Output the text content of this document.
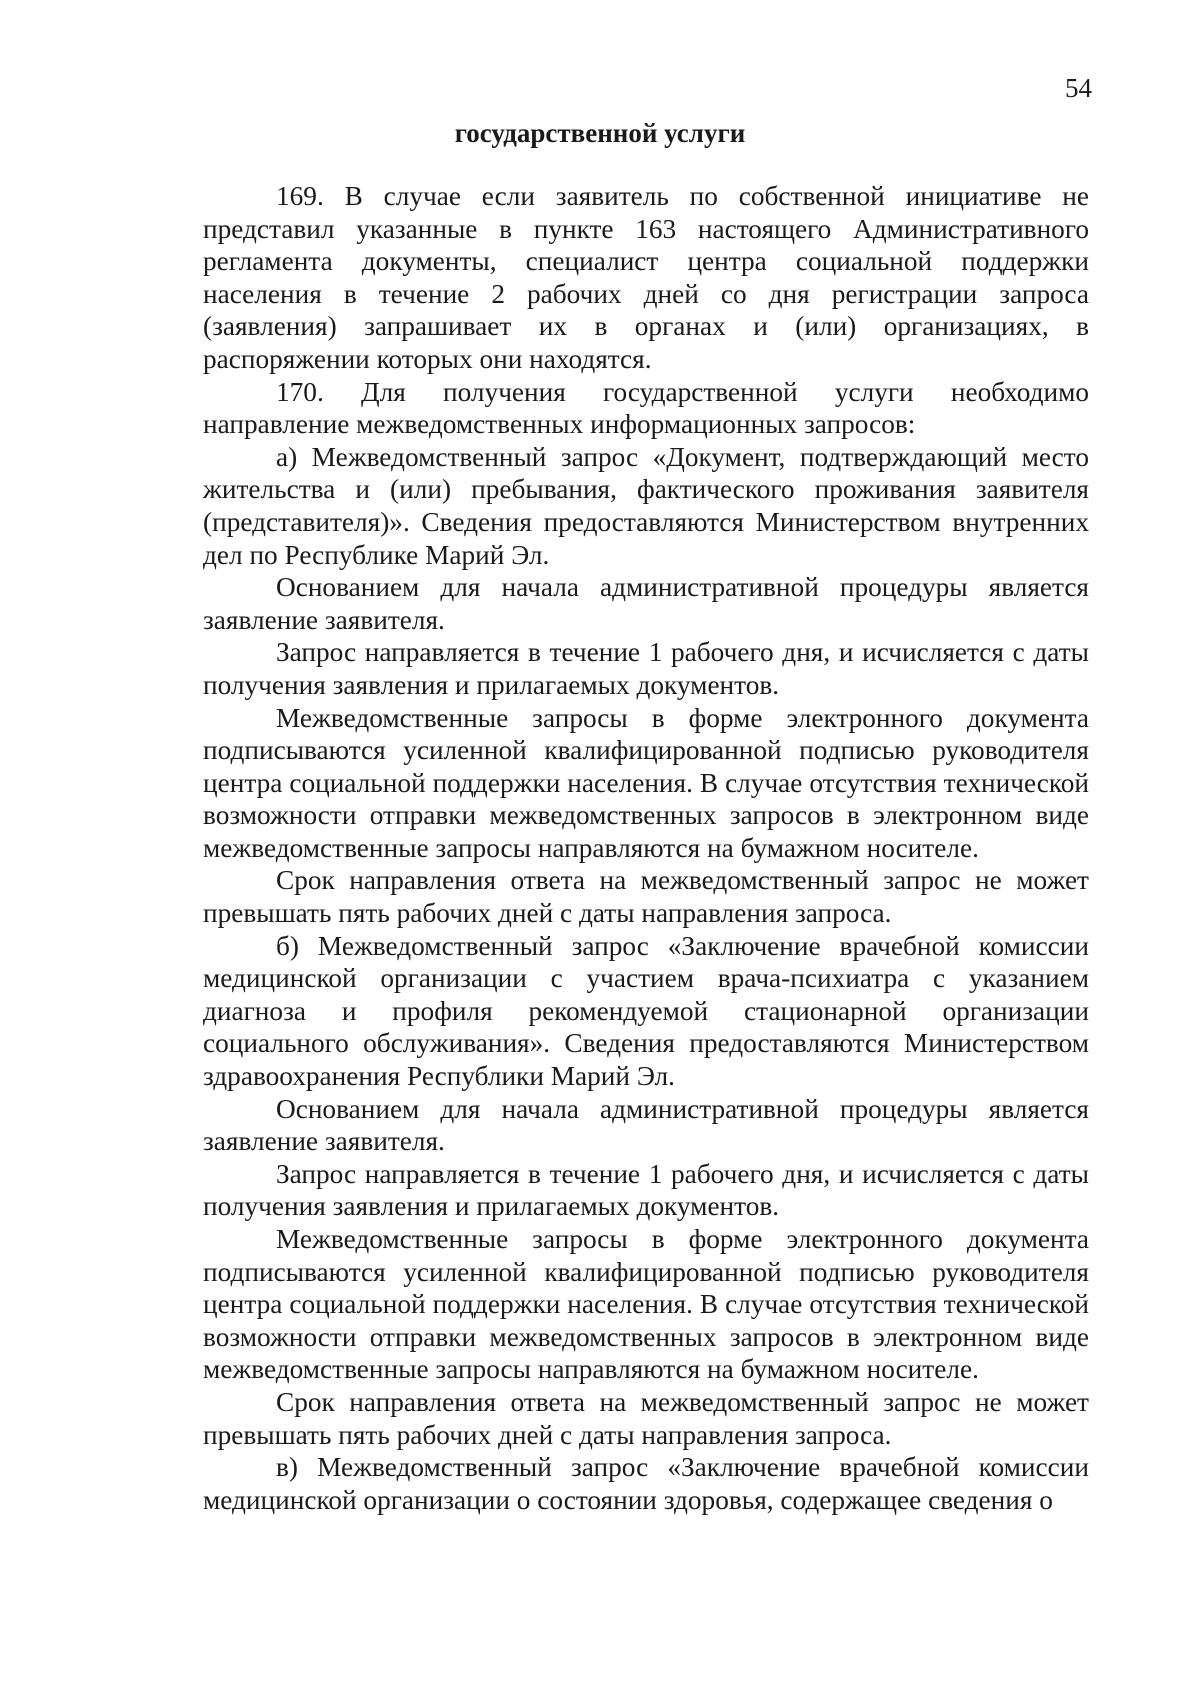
54
государственной услуги

169. В случае если заявитель по собственной инициативе не представил указанные в пункте 163 настоящего Административного регламента документы, специалист центра социальной поддержки населения в течение 2 рабочих дней со дня регистрации запроса (заявления) запрашивает их в органах и (или) организациях, в распоряжении которых они находятся.

170. Для получения государственной услуги необходимо направление межведомственных информационных запросов:

а) Межведомственный запрос «Документ, подтверждающий место жительства и (или) пребывания, фактического проживания заявителя (представителя)». Сведения предоставляются Министерством внутренних дел по Республике Марий Эл.

Основанием для начала административной процедуры является заявление заявителя.

Запрос направляется в течение 1 рабочего дня, и исчисляется с даты получения заявления и прилагаемых документов.

Межведомственные запросы в форме электронного документа подписываются усиленной квалифицированной подписью руководителя центра социальной поддержки населения. В случае отсутствия технической возможности отправки межведомственных запросов в электронном виде межведомственные запросы направляются на бумажном носителе.

Срок направления ответа на межведомственный запрос не может превышать пять рабочих дней с даты направления запроса.

б) Межведомственный запрос «Заключение врачебной комиссии медицинской организации с участием врача-психиатра с указанием диагноза и профиля рекомендуемой стационарной организации социального обслуживания». Сведения предоставляются Министерством здравоохранения Республики Марий Эл.

Основанием для начала административной процедуры является заявление заявителя.

Запрос направляется в течение 1 рабочего дня, и исчисляется с даты получения заявления и прилагаемых документов.

Межведомственные запросы в форме электронного документа подписываются усиленной квалифицированной подписью руководителя центра социальной поддержки населения. В случае отсутствия технической возможности отправки межведомственных запросов в электронном виде межведомственные запросы направляются на бумажном носителе.

Срок направления ответа на межведомственный запрос не может превышать пять рабочих дней с даты направления запроса.

в) Межведомственный запрос «Заключение врачебной комиссии медицинской организации о состоянии здоровья, содержащее сведения о
